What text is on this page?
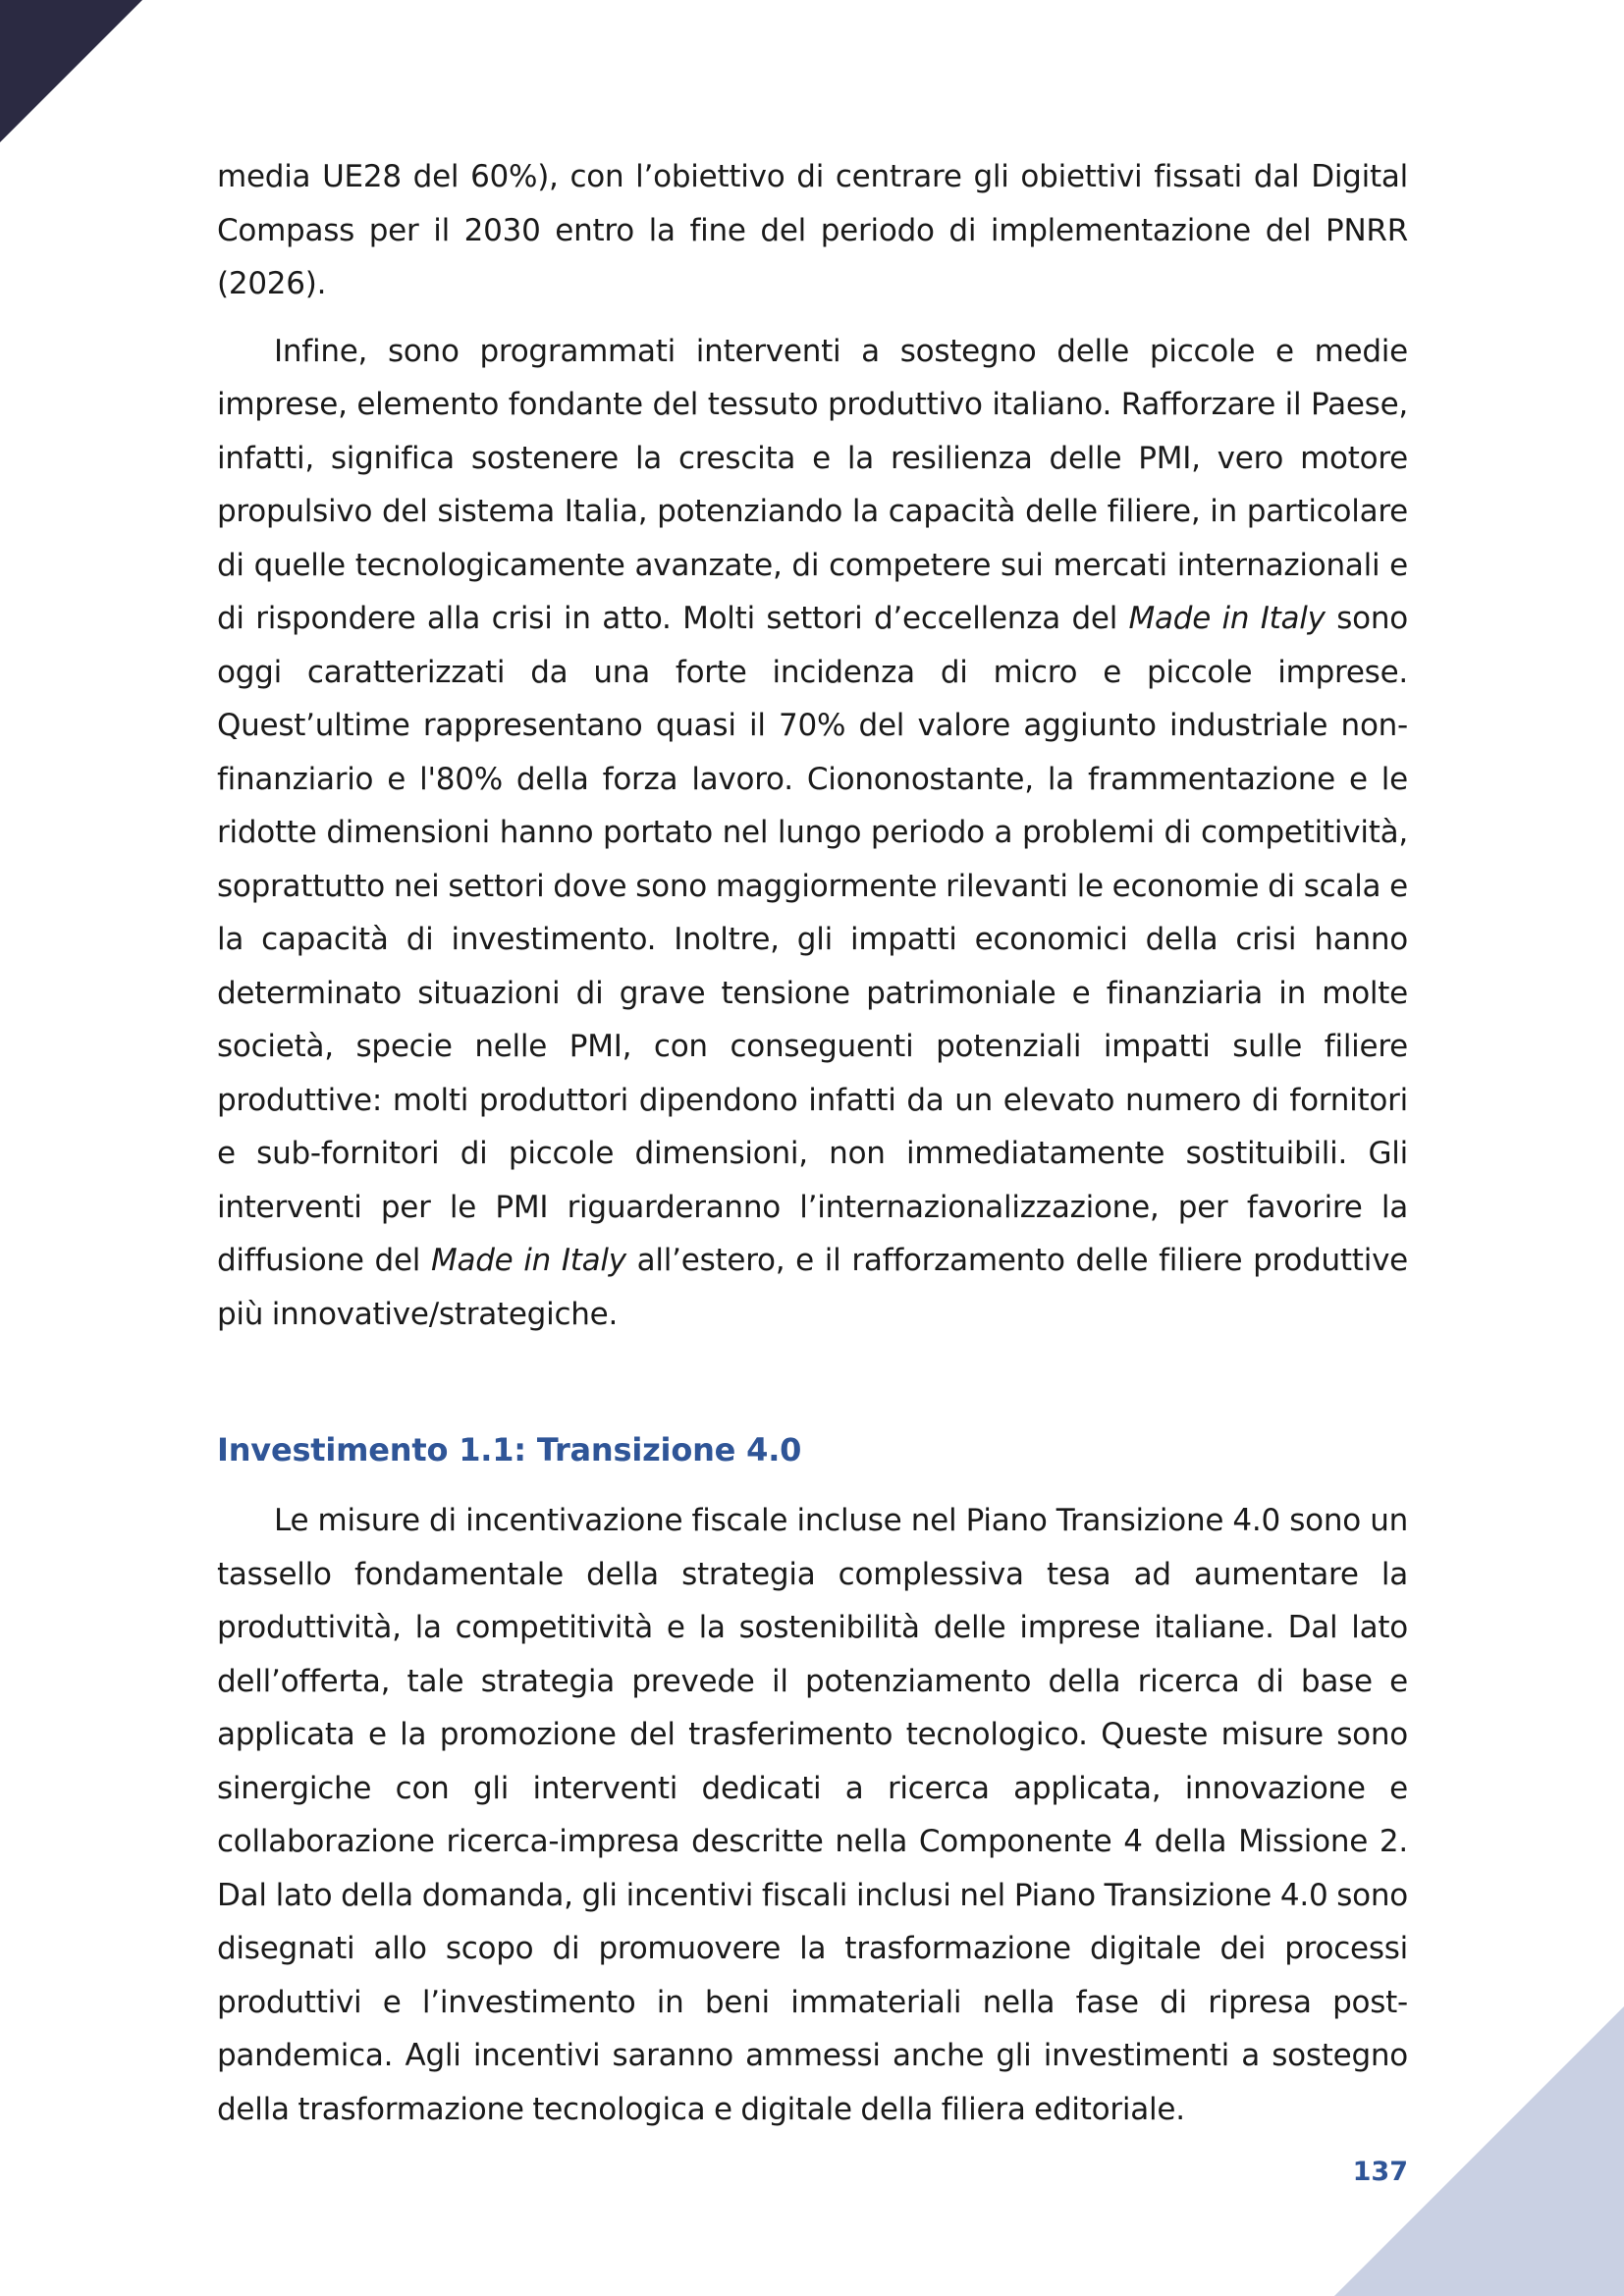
media UE28 del 60%), con l’obiettivo di centrare gli obiettivi fissati dal Digital Compass per il 2030 entro la fine del periodo di implementazione del PNRR (2026).

Infine, sono programmati interventi a sostegno delle piccole e medie imprese, elemento fondante del tessuto produttivo italiano. Rafforzare il Paese, infatti, significa sostenere la crescita e la resilienza delle PMI, vero motore propulsivo del sistema Italia, potenziando la capacità delle filiere, in particolare di quelle tecnologicamente avanzate, di competere sui mercati internazionali e di rispondere alla crisi in atto. Molti settori d’eccellenza del Made in Italy sono oggi caratterizzati da una forte incidenza di micro e piccole imprese. Quest’ultime rappresentano quasi il 70% del valore aggiunto industriale non-finanziario e l'80% della forza lavoro. Ciononostante, la frammentazione e le ridotte dimensioni hanno portato nel lungo periodo a problemi di competitività, soprattutto nei settori dove sono maggiormente rilevanti le economie di scala e la capacità di investimento. Inoltre, gli impatti economici della crisi hanno determinato situazioni di grave tensione patrimoniale e finanziaria in molte società, specie nelle PMI, con conseguenti potenziali impatti sulle filiere produttive: molti produttori dipendono infatti da un elevato numero di fornitori e sub-fornitori di piccole dimensioni, non immediatamente sostituibili. Gli interventi per le PMI riguarderanno l’internazionalizzazione, per favorire la diffusione del Made in Italy all’estero, e il rafforzamento delle filiere produttive più innovative/strategiche.

Investimento 1.1: Transizione 4.0

Le misure di incentivazione fiscale incluse nel Piano Transizione 4.0 sono un tassello fondamentale della strategia complessiva tesa ad aumentare la produttività, la competitività e la sostenibilità delle imprese italiane. Dal lato dell’offerta, tale strategia prevede il potenziamento della ricerca di base e applicata e la promozione del trasferimento tecnologico. Queste misure sono sinergiche con gli interventi dedicati a ricerca applicata, innovazione e collaborazione ricerca-impresa descritte nella Componente 4 della Missione 2. Dal lato della domanda, gli incentivi fiscali inclusi nel Piano Transizione 4.0 sono disegnati allo scopo di promuovere la trasformazione digitale dei processi produttivi e l’investimento in beni immateriali nella fase di ripresa post-pandemica. Agli incentivi saranno ammessi anche gli investimenti a sostegno della trasformazione tecnologica e digitale della filiera editoriale.

137
